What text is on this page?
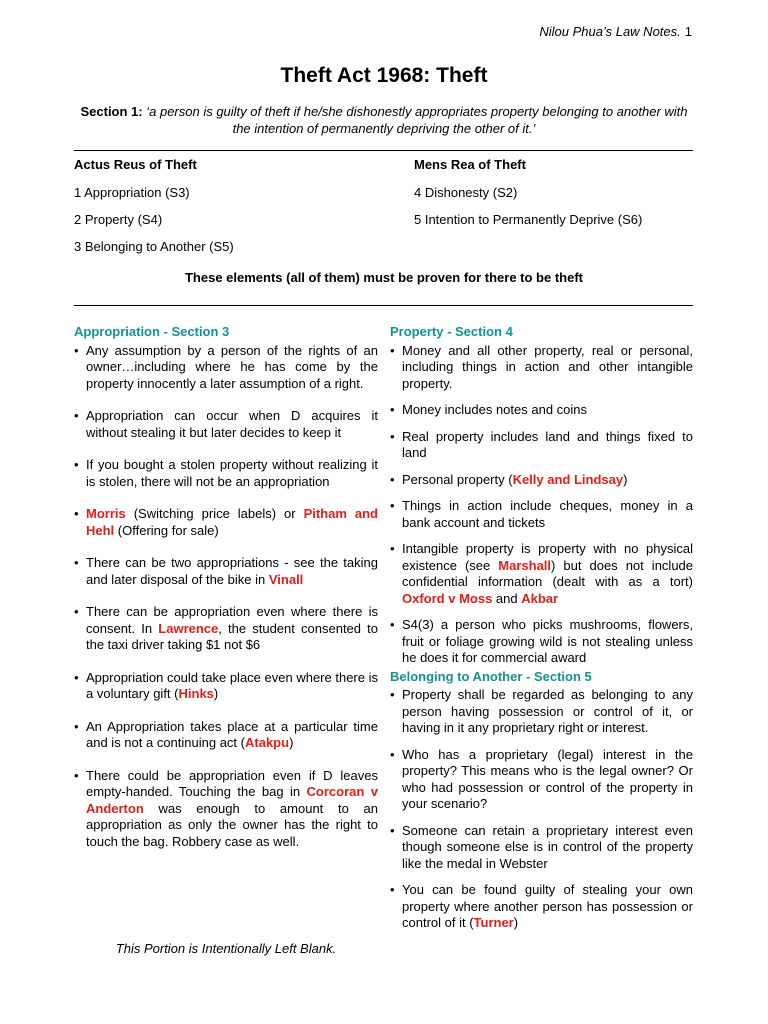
Nilou Phua’s Law Notes. 1
Theft Act 1968: Theft
Section 1: ‘a person is guilty of theft if he/she dishonestly appropriates property belonging to another with the intention of permanently depriving the other of it.’
Actus Reus of Theft
1 Appropriation (S3)
2 Property (S4)
3 Belonging to Another (S5)
Mens Rea of Theft
4 Dishonesty (S2)
5 Intention to Permanently Deprive (S6)
These elements (all of them) must be proven for there to be theft
Appropriation - Section 3
• Any assumption by a person of the rights of an owner…including where he has come by the property innocently a later assumption of a right.
• Appropriation can occur when D acquires it without stealing it but later decides to keep it
• If you bought a stolen property without realizing it is stolen, there will not be an appropriation
• Morris (Switching price labels) or Pitham and Hehl (Offering for sale)
• There can be two appropriations - see the taking and later disposal of the bike in Vinall
• There can be appropriation even where there is consent. In Lawrence, the student consented to the taxi driver taking $1 not $6
• Appropriation could take place even where there is a voluntary gift (Hinks)
• An Appropriation takes place at a particular time and is not a continuing act (Atakpu)
• There could be appropriation even if D leaves empty-handed. Touching the bag in Corcoran v Anderton was enough to amount to an appropriation as only the owner has the right to touch the bag. Robbery case as well.
Property - Section 4
• Money and all other property, real or personal, including things in action and other intangible property.
• Money includes notes and coins
• Real property includes land and things fixed to land
• Personal property (Kelly and Lindsay)
• Things in action include cheques, money in a bank account and tickets
• Intangible property is property with no physical existence (see Marshall) but does not include confidential information (dealt with as a tort) Oxford v Moss and Akbar
• S4(3) a person who picks mushrooms, flowers, fruit or foliage growing wild is not stealing unless he does it for commercial award
Belonging to Another - Section 5
• Property shall be regarded as belonging to any person having possession or control of it, or having in it any proprietary right or interest.
• Who has a proprietary (legal) interest in the property? This means who is the legal owner? Or who had possession or control of the property in your scenario?
• Someone can retain a proprietary interest even though someone else is in control of the property like the medal in Webster
• You can be found guilty of stealing your own property where another person has possession or control of it (Turner)
This Portion is Intentionally Left Blank.
